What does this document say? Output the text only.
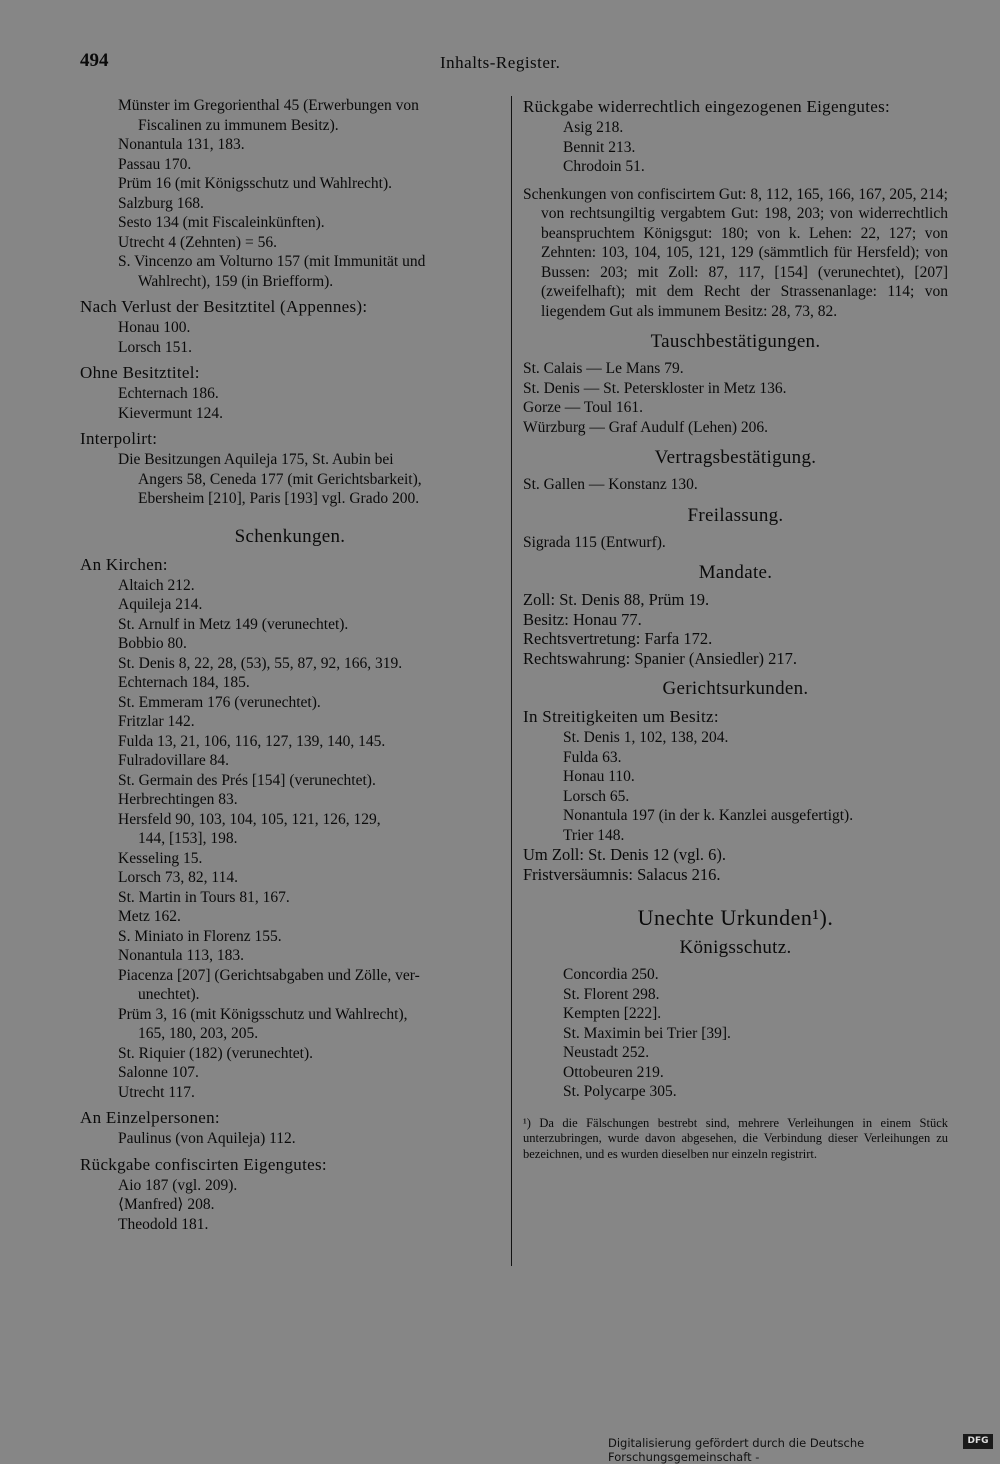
494	Inhalts-Register.
Münster im Gregorienthal 45 (Erwerbungen von
Fiscalinen zu immunem Besitz).
Nonantula 131, 183.
Passau 170.
Prüm 16 (mit Königsschutz und Wahlrecht).
Salzburg 168.
Sesto 134 (mit Fiscaleinkünften).
Utrecht 4 (Zehnten) = 56.
S. Vincenzo am Volturno 157 (mit Immunität und
Wahlrecht), 159 (in Briefform).
Nach Verlust der Besitztitel (Appennes):
Honau 100.
Lorsch 151.
Ohne Besitztitel:
Echternach 186.
Kievermunt 124.
Interpolirt:
Die Besitzungen Aquileja 175, St. Aubin bei
Angers 58, Ceneda 177 (mit Gerichtsbarkeit),
Ebersheim [210], Paris [193] vgl. Grado 200.
Schenkungen.
An Kirchen:
Altaich 212.
Aquileja 214.
St. Arnulf in Metz 149 (verunechtet).
Bobbio 80.
St. Denis 8, 22, 28, (53), 55, 87, 92, 166, 319.
Echternach 184, 185.
St. Emmeram 176 (verunechtet).
Fritzlar 142.
Fulda 13, 21, 106, 116, 127, 139, 140, 145.
Fulradovillare 84.
St. Germain des Prés [154] (verunechtet).
Herbrechtingen 83.
Hersfeld 90, 103, 104, 105, 121, 126, 129,
144, [153], 198.
Kesseling 15.
Lorsch 73, 82, 114.
St. Martin in Tours 81, 167.
Metz 162.
S. Miniato in Florenz 155.
Nonantula 113, 183.
Piacenza [207] (Gerichtsabgaben und Zölle, ver-
unechtet).
Prüm 3, 16 (mit Königsschutz und Wahlrecht),
165, 180, 203, 205.
St. Riquier (182) (verunechtet).
Salonne 107.
Utrecht 117.
An Einzelpersonen:
Paulinus (von Aquileja) 112.
Rückgabe confiscirten Eigengutes:
Aio 187 (vgl. 209).
⟨Manfred⟩ 208.
Theodold 181.
Rückgabe widerrechtlich eingezogenen Eigengutes:
Asig 218.
Bennit 213.
Chrodoin 51.
Schenkungen von confiscirtem Gut: 8, 112, 165, 166, 167, 205, 214; von rechtsungiltig vergabtem Gut: 198, 203; von widerrechtlich beanspruchtem Königsgut: 180; von k. Lehen: 22, 127; von Zehnten: 103, 104, 105, 121, 129 (sämmtlich für Hersfeld); von Bussen: 203; mit Zoll: 87, 117, [154] (verunechtet), [207] (zweifelhaft); mit dem Recht der Strassenanlage: 114; von liegendem Gut als immunem Besitz: 28, 73, 82.
Tauschbestätigungen.
St. Calais — Le Mans 79.
St. Denis — St. Peterskloster in Metz 136.
Gorze — Toul 161.
Würzburg — Graf Audulf (Lehen) 206.
Vertragsbestätigung.
St. Gallen — Konstanz 130.
Freilassung.
Sigrada 115 (Entwurf).
Mandate.
Zoll: St. Denis 88, Prüm 19.
Besitz: Honau 77.
Rechtsvertretung: Farfa 172.
Rechtswahrung: Spanier (Ansiedler) 217.
Gerichtsurkunden.
In Streitigkeiten um Besitz:
St. Denis 1, 102, 138, 204.
Fulda 63.
Honau 110.
Lorsch 65.
Nonantula 197 (in der k. Kanzlei ausgefertigt).
Trier 148.
Um Zoll: St. Denis 12 (vgl. 6).
Fristversäumnis: Salacus 216.
Unechte Urkunden¹).
Königsschutz.
Concordia 250.
St. Florent 298.
Kempten [222].
St. Maximin bei Trier [39].
Neustadt 252.
Ottobeuren 219.
St. Polycarpe 305.
¹) Da die Fälschungen bestrebt sind, mehrere Verleihungen in einem Stück unterzubringen, wurde davon abgesehen, die Verbindung dieser Verleihungen zu bezeichnen, und es wurden dieselben nur einzeln registrirt.
Digitalisierung gefördert durch die Deutsche Forschungsgemeinschaft -
DFG
